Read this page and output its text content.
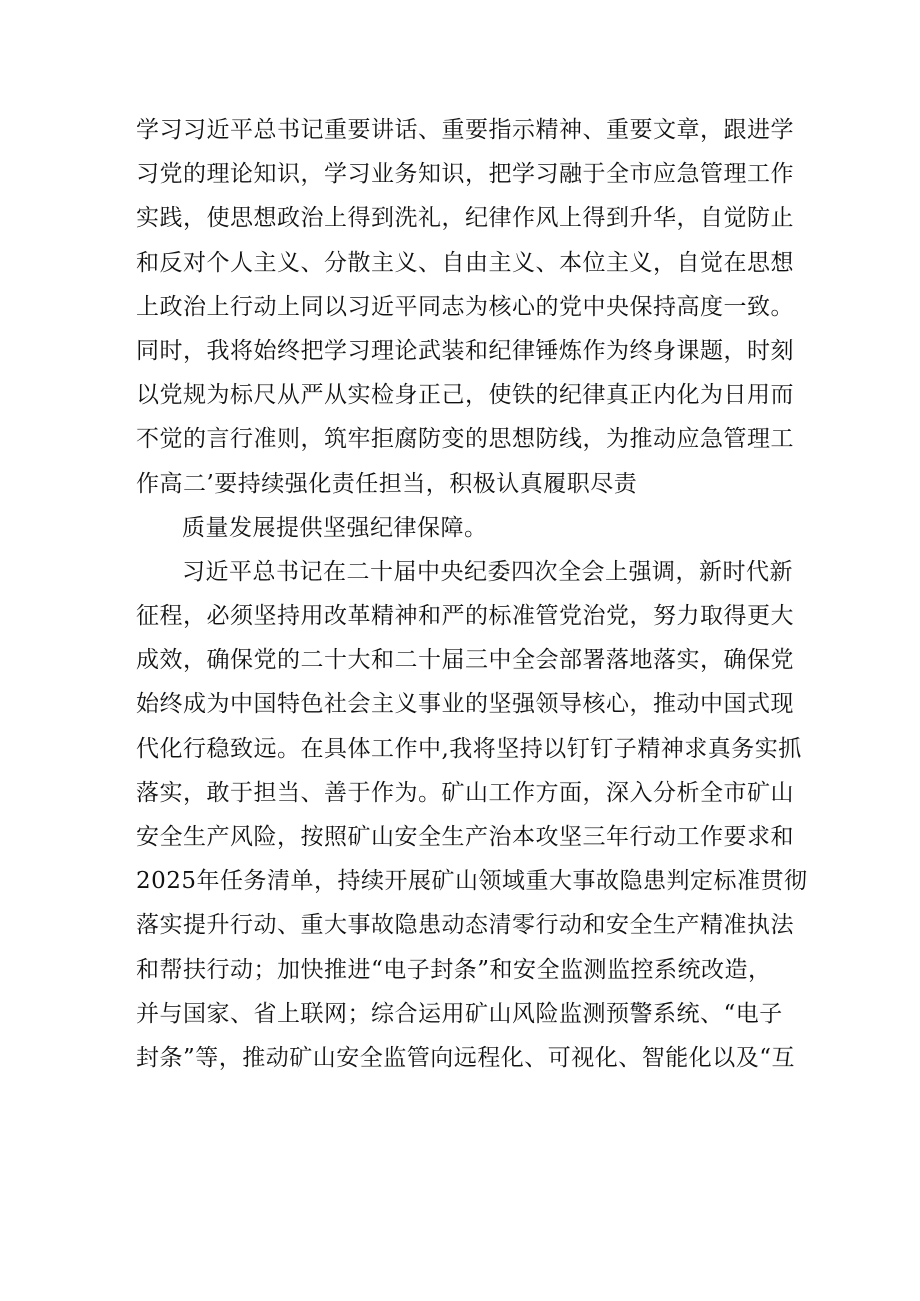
学习习近平总书记重要讲话、重要指示精神、重要文章，跟进学
习党的理论知识，学习业务知识，把学习融于全市应急管理工作
实践，使思想政治上得到洗礼，纪律作风上得到升华，自觉防止
和反对个人主义、分散主义、自由主义、本位主义，自觉在思想
上政治上行动上同以习近平同志为核心的党中央保持高度一致。
同时，我将始终把学习理论武装和纪律锤炼作为终身课题，时刻
以党规为标尺从严从实检身正己，使铁的纪律真正内化为日用而
不觉的言行准则，筑牢拒腐防变的思想防线，为推动应急管理工
作高二’要持续强化责任担当，积极认真履职尽责
质量发展提供坚强纪律保障。
习近平总书记在二十届中央纪委四次全会上强调，新时代新
征程，必须坚持用改革精神和严的标准管党治党，努力取得更大
成效，确保党的二十大和二十届三中全会部署落地落实，确保党
始终成为中国特色社会主义事业的坚强领导核心，推动中国式现
代化行稳致远。在具体工作中,我将坚持以钉钉子精神求真务实抓
落实，敢于担当、善于作为。矿山工作方面，深入分析全市矿山
安全生产风险，按照矿山安全生产治本攻坚三年行动工作要求和
2025年任务清单，持续开展矿山领域重大事故隐患判定标准贯彻
落实提升行动、重大事故隐患动态清零行动和安全生产精准执法
和帮扶行动；加快推进“电子封条”和安全监测监控系统改造，
并与国家、省上联网；综合运用矿山风险监测预警系统、“电子
封条”等，推动矿山安全监管向远程化、可视化、智能化以及“互
